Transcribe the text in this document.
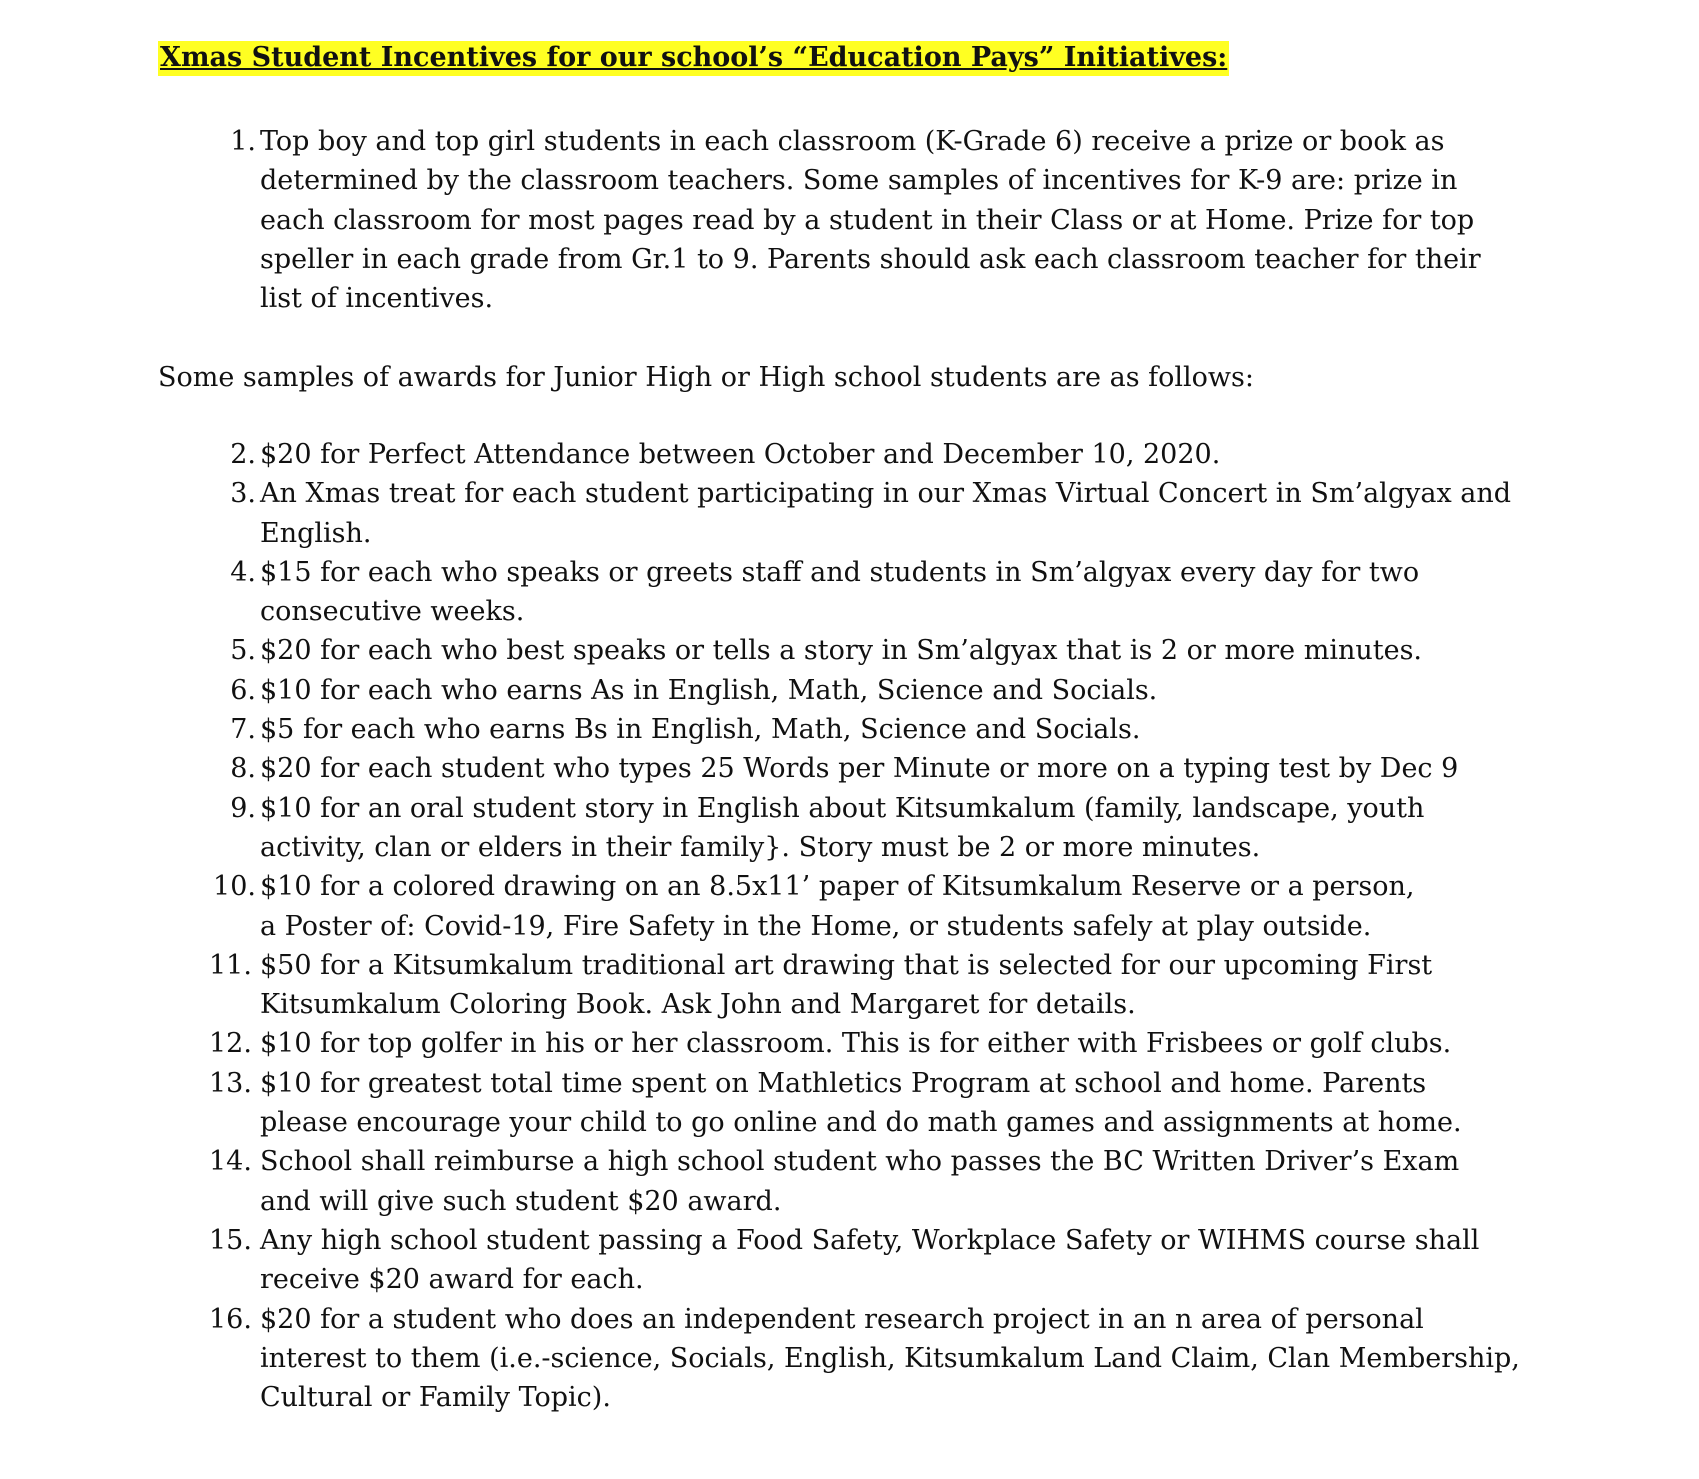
Xmas Student Incentives for our school’s “Education Pays” Initiatives:
1. Top boy and top girl students in each classroom (K-Grade 6) receive a prize or book as
determined by the classroom teachers. Some samples of incentives for K-9 are: prize in
each classroom for most pages read by a student in their Class or at Home. Prize for top
speller in each grade from Gr.1 to 9. Parents should ask each classroom teacher for their
list of incentives.

Some samples of awards for Junior High or High school students are as follows:

2. $20 for Perfect Attendance between October and December 10, 2020.
3. An Xmas treat for each student participating in our Xmas Virtual Concert in Sm’algyax and
English.
4. $15 for each who speaks or greets staff and students in Sm’algyax every day for two
consecutive weeks.
5. $20 for each who best speaks or tells a story in Sm’algyax that is 2 or more minutes.
6. $10 for each who earns As in English, Math, Science and Socials.
7. $5 for each who earns Bs in English, Math, Science and Socials.
8. $20 for each student who types 25 Words per Minute or more on a typing test by Dec 9
9. $10 for an oral student story in English about Kitsumkalum (family, landscape, youth
activity, clan or elders in their family}. Story must be 2 or more minutes.
10. $10 for a colored drawing on an 8.5x11’ paper of Kitsumkalum Reserve or a person,
a Poster of: Covid-19, Fire Safety in the Home, or students safely at play outside.
11. $50 for a Kitsumkalum traditional art drawing that is selected for our upcoming First
Kitsumkalum Coloring Book. Ask John and Margaret for details.
12. $10 for top golfer in his or her classroom. This is for either with Frisbees or golf clubs.
13. $10 for greatest total time spent on Mathletics Program at school and home. Parents
please encourage your child to go online and do math games and assignments at home.
14. School shall reimburse a high school student who passes the BC Written Driver’s Exam
and will give such student $20 award.
15. Any high school student passing a Food Safety, Workplace Safety or WIHMS course shall
receive $20 award for each.
16. $20 for a student who does an independent research project in an n area of personal
interest to them (i.e.-science, Socials, English, Kitsumkalum Land Claim, Clan Membership,
Cultural or Family Topic).
